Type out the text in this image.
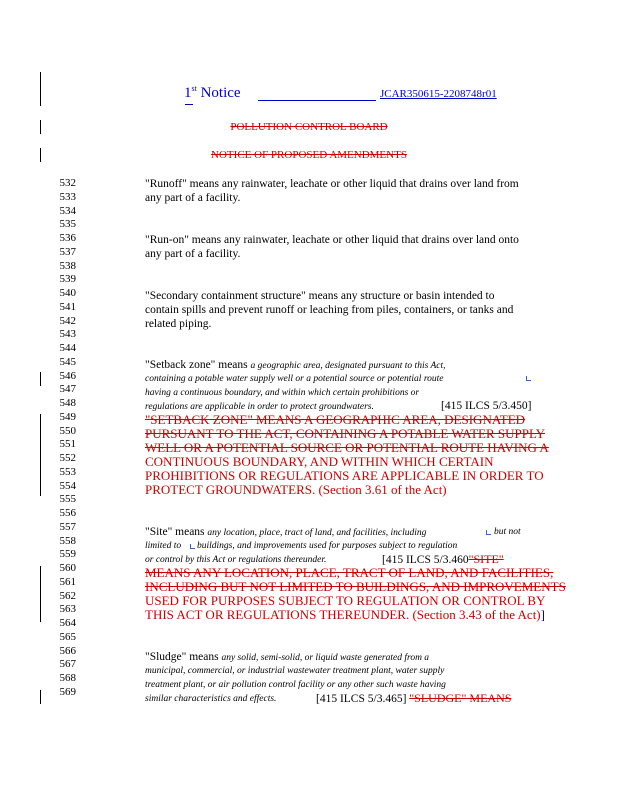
1st Notice	JCAR350615-2208748r01
POLLUTION CONTROL BOARD
NOTICE OF PROPOSED AMENDMENTS
532
533
534
535
536
537
538
539
540
541
542
543
544
545
546
547
548
549
550
551
552
553
554
555
556
557
558
559
560
561
562
563
564
565
566
567
568
569
"Runoff" means any rainwater, leachate or other liquid that drains over land from
any part of a facility.
"Run-on" means any rainwater, leachate or other liquid that drains over land onto
any part of a facility.
"Secondary containment structure" means any structure or basin intended to
contain spills and prevent runoff or leaching from piles, containers, or tanks and
related piping.
"Setback zone" means a geographic area, designated pursuant to this Act,
containing a potable water supply well or a potential source or potential route
having a continuous boundary, and within which certain prohibitions or
regulations are applicable in order to protect groundwaters.	[415 ILCS 5/3.450]
"SETBACK ZONE" MEANS A GEOGRAPHIC AREA, DESIGNATED
PURSUANT TO THE ACT, CONTAINING A POTABLE WATER SUPPLY
WELL OR A POTENTIAL SOURCE OR POTENTIAL ROUTE HAVING A
CONTINUOUS BOUNDARY, AND WITHIN WHICH CERTAIN
PROHIBITIONS OR REGULATIONS ARE APPLICABLE IN ORDER TO
PROTECT GROUNDWATERS. (Section 3.61 of the Act)
"Site" means any location, place, tract of land, and facilities, including	but not
limited to buildings, and improvements used for purposes subject to regulation
or control by this Act or regulations thereunder.	[415 ILCS 5/3.460"SITE"
MEANS ANY LOCATION, PLACE, TRACT OF LAND, AND FACILITIES,
INCLUDING BUT NOT LIMITED TO BUILDINGS, AND IMPROVEMENTS
USED FOR PURPOSES SUBJECT TO REGULATION OR CONTROL BY
THIS ACT OR REGULATIONS THEREUNDER. (Section 3.43 of the Act)]
"Sludge" means any solid, semi-solid, or liquid waste generated from a
municipal, commercial, or industrial wastewater treatment plant, water supply
treatment plant, or air pollution control facility or any other such waste having
similar characteristics and effects.	[415 ILCS 5/3.465] "SLUDGE" MEANS
